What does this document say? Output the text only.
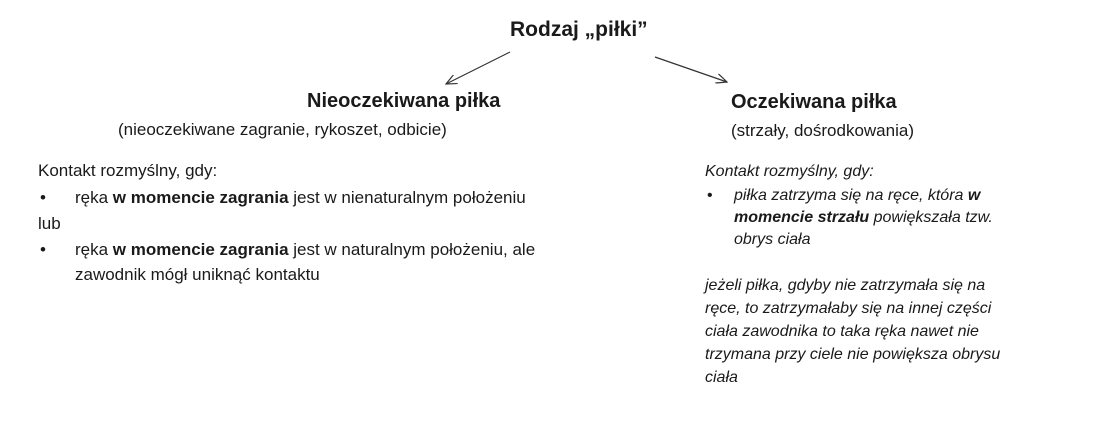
Rodzaj „piłki”
Nieoczekiwana piłka
(nieoczekiwane zagranie, rykoszet, odbicie)
Kontakt rozmyślny, gdy:
• ręka w momencie zagrania jest w nienaturalnym położeniu
lub
• ręka w momencie zagrania jest w naturalnym położeniu, ale
zawodnik mógł uniknąć kontaktu
Oczekiwana piłka
(strzały, dośrodkowania)
Kontakt rozmyślny, gdy:
• piłka zatrzyma się na ręce, która w
momencie strzału powiększała tzw.
obrys ciała
jeżeli piłka, gdyby nie zatrzymała się na
ręce, to zatrzymałaby się na innej części
ciała zawodnika to taka ręka nawet nie
trzymana przy ciele nie powiększa obrysu
ciała
